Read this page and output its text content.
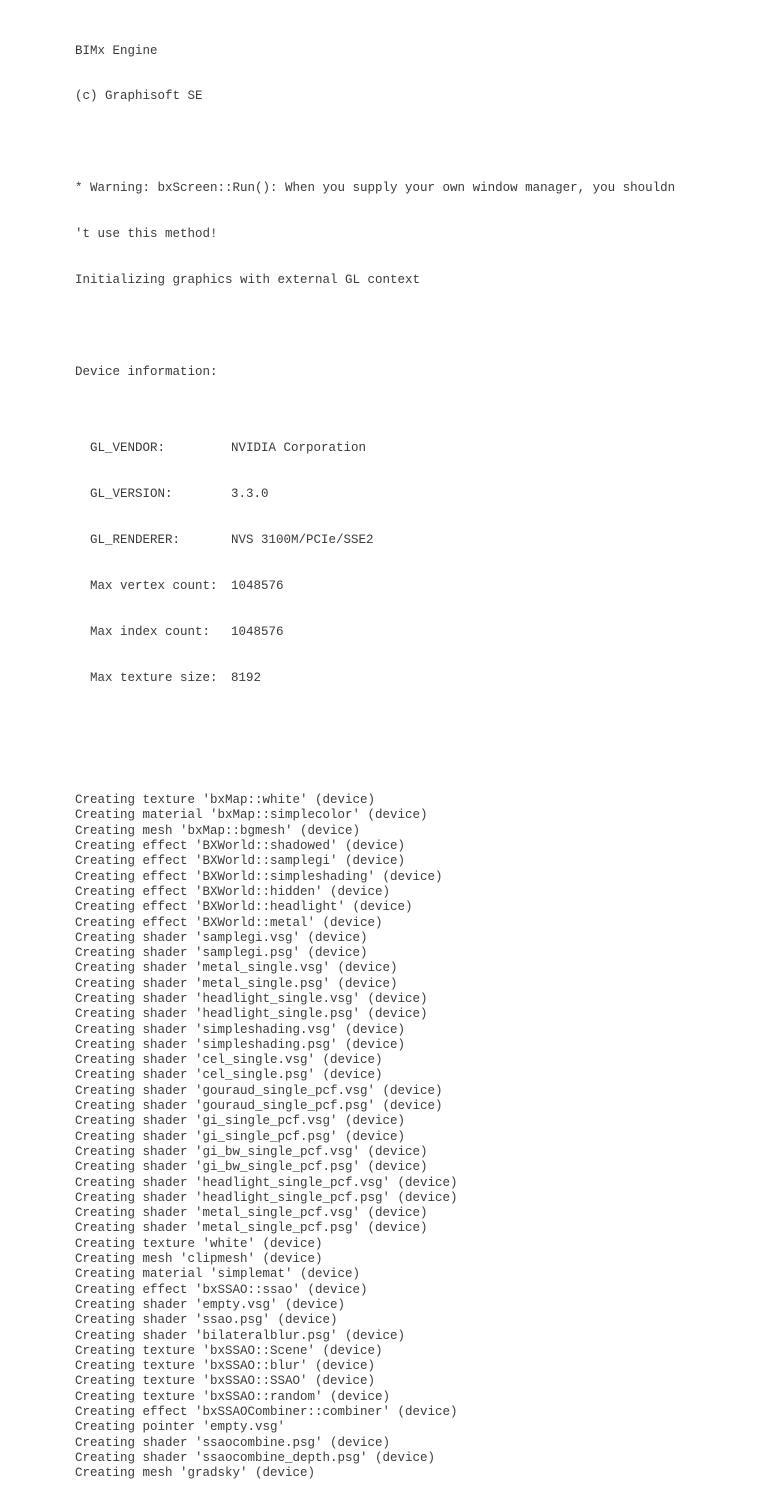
BIMx Engine

(c) Graphisoft SE

* Warning: bxScreen::Run(): When you supply your own window manager, you shouldn

't use this method!

Initializing graphics with external GL context

Device information:

GL_VENDOR:	NVIDIA Corporation

GL_VERSION:	3.3.0

GL_RENDERER:	NVS 3100M/PCIe/SSE2

Max vertex count: 1048576

Max index count: 1048576

Max texture size: 8192

Creating texture 'bxMap::white' (device)
Creating material 'bxMap::simplecolor' (device)
Creating mesh 'bxMap::bgmesh' (device)
Creating effect 'BXWorld::shadowed' (device)
Creating effect 'BXWorld::samplegi' (device)
Creating effect 'BXWorld::simpleshading' (device)
Creating effect 'BXWorld::hidden' (device)
Creating effect 'BXWorld::headlight' (device)
Creating effect 'BXWorld::metal' (device)
Creating shader 'samplegi.vsg' (device)
Creating shader 'samplegi.psg' (device)
Creating shader 'metal_single.vsg' (device)
Creating shader 'metal_single.psg' (device)
Creating shader 'headlight_single.vsg' (device)
Creating shader 'headlight_single.psg' (device)
Creating shader 'simpleshading.vsg' (device)
Creating shader 'simpleshading.psg' (device)
Creating shader 'cel_single.vsg' (device)
Creating shader 'cel_single.psg' (device)
Creating shader 'gouraud_single_pcf.vsg' (device)
Creating shader 'gouraud_single_pcf.psg' (device)
Creating shader 'gi_single_pcf.vsg' (device)
Creating shader 'gi_single_pcf.psg' (device)
Creating shader 'gi_bw_single_pcf.vsg' (device)
Creating shader 'gi_bw_single_pcf.psg' (device)
Creating shader 'headlight_single_pcf.vsg' (device)
Creating shader 'headlight_single_pcf.psg' (device)
Creating shader 'metal_single_pcf.vsg' (device)
Creating shader 'metal_single_pcf.psg' (device)
Creating texture 'white' (device)
Creating mesh 'clipmesh' (device)
Creating material 'simplemat' (device)
Creating effect 'bxSSAO::ssao' (device)
Creating shader 'empty.vsg' (device)
Creating shader 'ssao.psg' (device)
Creating shader 'bilateralblur.psg' (device)
Creating texture 'bxSSAO::Scene' (device)
Creating texture 'bxSSAO::blur' (device)
Creating texture 'bxSSAO::SSAO' (device)
Creating texture 'bxSSAO::random' (device)
Creating effect 'bxSSAOCombiner::combiner' (device)
Creating pointer 'empty.vsg'
Creating shader 'ssaocombine.psg' (device)
Creating shader 'ssaocombine_depth.psg' (device)
Creating mesh 'gradsky' (device)
